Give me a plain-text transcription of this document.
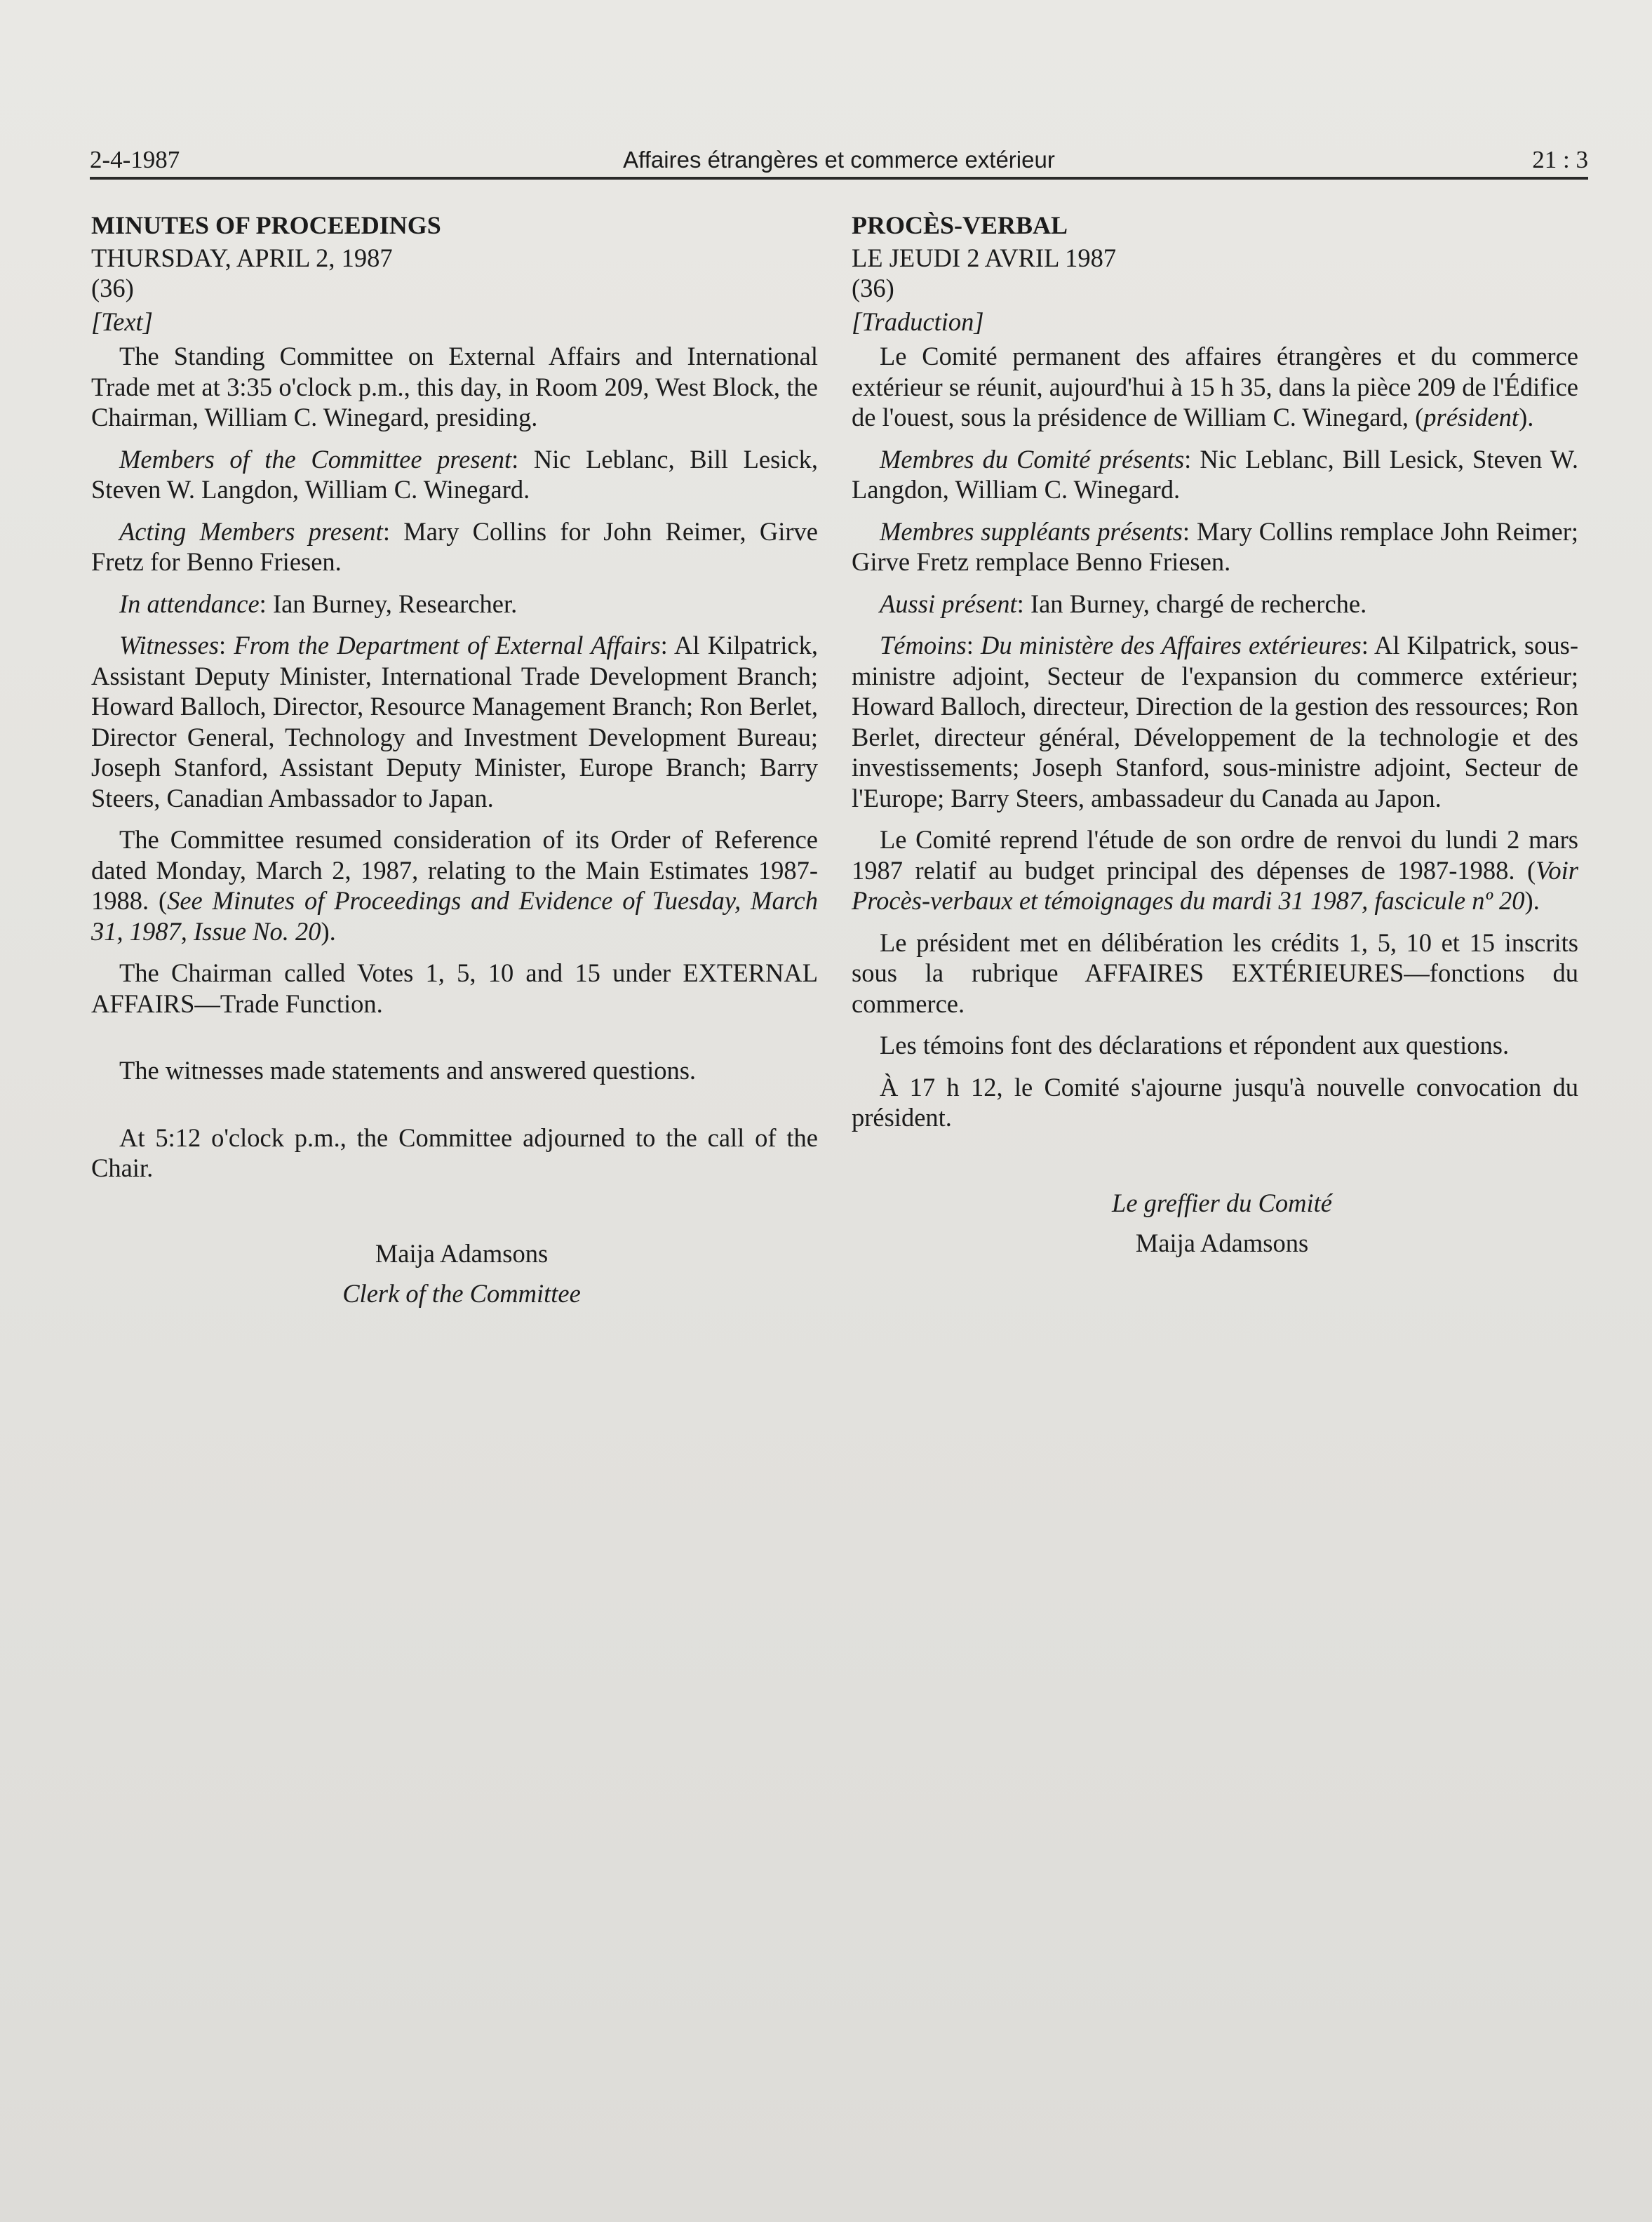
2-4-1987	Affaires étrangères et commerce extérieur	21 : 3
MINUTES OF PROCEEDINGS
THURSDAY, APRIL 2, 1987
(36)
[Text]

The Standing Committee on External Affairs and International Trade met at 3:35 o'clock p.m., this day, in Room 209, West Block, the Chairman, William C. Winegard, presiding.

Members of the Committee present: Nic Leblanc, Bill Lesick, Steven W. Langdon, William C. Winegard.

Acting Members present: Mary Collins for John Reimer, Girve Fretz for Benno Friesen.

In attendance: Ian Burney, Researcher.

Witnesses: From the Department of External Affairs: Al Kilpatrick, Assistant Deputy Minister, International Trade Development Branch; Howard Balloch, Director, Resource Management Branch; Ron Berlet, Director General, Technology and Investment Development Bureau; Joseph Stanford, Assistant Deputy Minister, Europe Branch; Barry Steers, Canadian Ambassador to Japan.

The Committee resumed consideration of its Order of Reference dated Monday, March 2, 1987, relating to the Main Estimates 1987-1988. (See Minutes of Proceedings and Evidence of Tuesday, March 31, 1987, Issue No. 20).

The Chairman called Votes 1, 5, 10 and 15 under EXTERNAL AFFAIRS—Trade Function.

The witnesses made statements and answered questions.

At 5:12 o'clock p.m., the Committee adjourned to the call of the Chair.

Maija Adamsons
Clerk of the Committee
PROCÈS-VERBAL
LE JEUDI 2 AVRIL 1987
(36)
[Traduction]

Le Comité permanent des affaires étrangères et du commerce extérieur se réunit, aujourd'hui à 15 h 35, dans la pièce 209 de l'Édifice de l'ouest, sous la présidence de William C. Winegard, (président).

Membres du Comité présents: Nic Leblanc, Bill Lesick, Steven W. Langdon, William C. Winegard.

Membres suppléants présents: Mary Collins remplace John Reimer; Girve Fretz remplace Benno Friesen.

Aussi présent: Ian Burney, chargé de recherche.

Témoins: Du ministère des Affaires extérieures: Al Kilpatrick, sous-ministre adjoint, Secteur de l'expansion du commerce extérieur; Howard Balloch, directeur, Direction de la gestion des ressources; Ron Berlet, directeur général, Développement de la technologie et des investissements; Joseph Stanford, sous-ministre adjoint, Secteur de l'Europe; Barry Steers, ambassadeur du Canada au Japon.

Le Comité reprend l'étude de son ordre de renvoi du lundi 2 mars 1987 relatif au budget principal des dépenses de 1987-1988. (Voir Procès-verbaux et témoignages du mardi 31 1987, fascicule nº 20).

Le président met en délibération les crédits 1, 5, 10 et 15 inscrits sous la rubrique AFFAIRES EXTÉRIEURES—fonctions du commerce.

Les témoins font des déclarations et répondent aux questions.

À 17 h 12, le Comité s'ajourne jusqu'à nouvelle convocation du président.

Le greffier du Comité
Maija Adamsons
